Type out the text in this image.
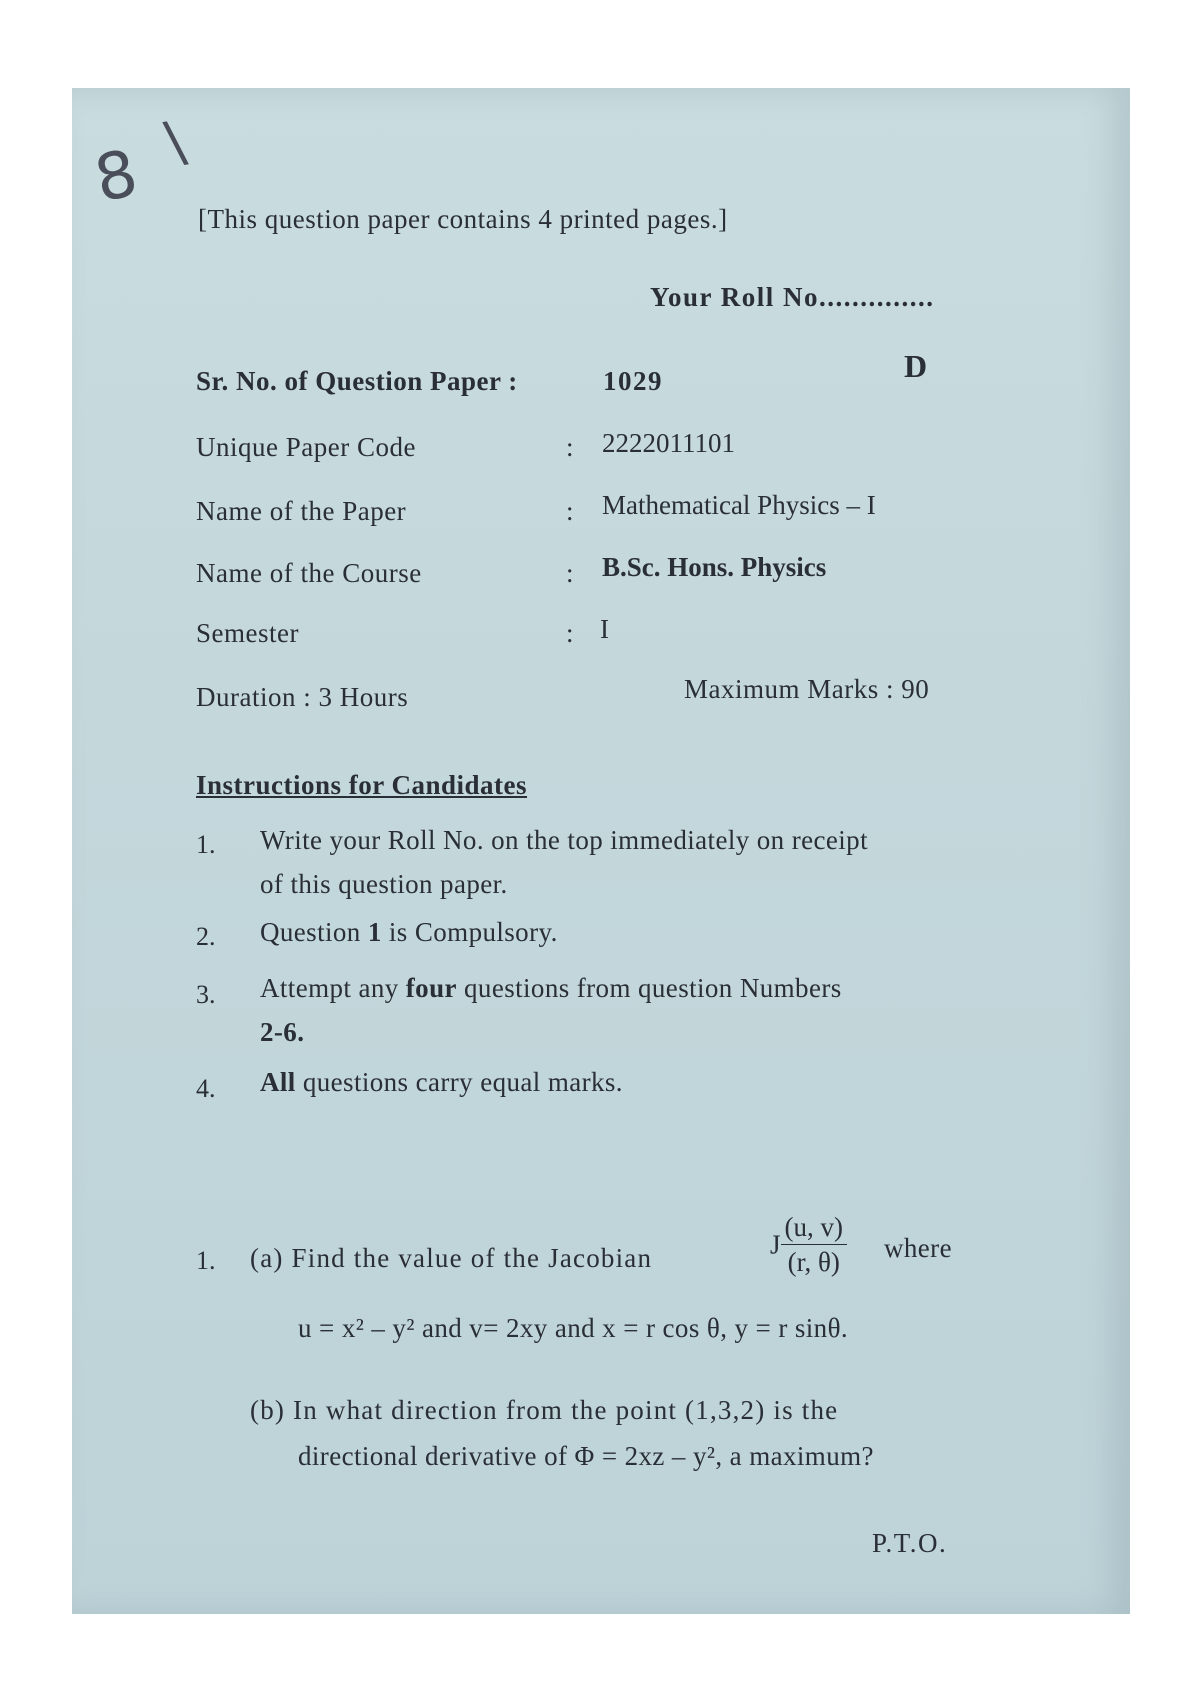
8 \
[This question paper contains 4 printed pages.]
Your Roll No..............
D
Sr. No. of Question Paper :	1029
Unique Paper Code	: 2222011101
Name of the Paper	: Mathematical Physics – I
Name of the Course	: B.Sc. Hons. Physics
Semester	: I
Duration : 3 Hours	Maximum Marks : 90
Instructions for Candidates
1. Write your Roll No. on the top immediately on receipt
of this question paper.
2. Question 1 is Compulsory.
3. Attempt any four questions from question Numbers
2-6.
4. All questions carry equal marks.
1. (a) Find the value of the Jacobian	J $\frac{(u, v)}{(r, \theta)}$ where
u = x² – y² and v= 2xy and x = r cos θ, y = r sinθ.
(b) In what direction from the point (1,3,2) is the
directional derivative of Φ = 2xz – y², a maximum?
P.T.O.
